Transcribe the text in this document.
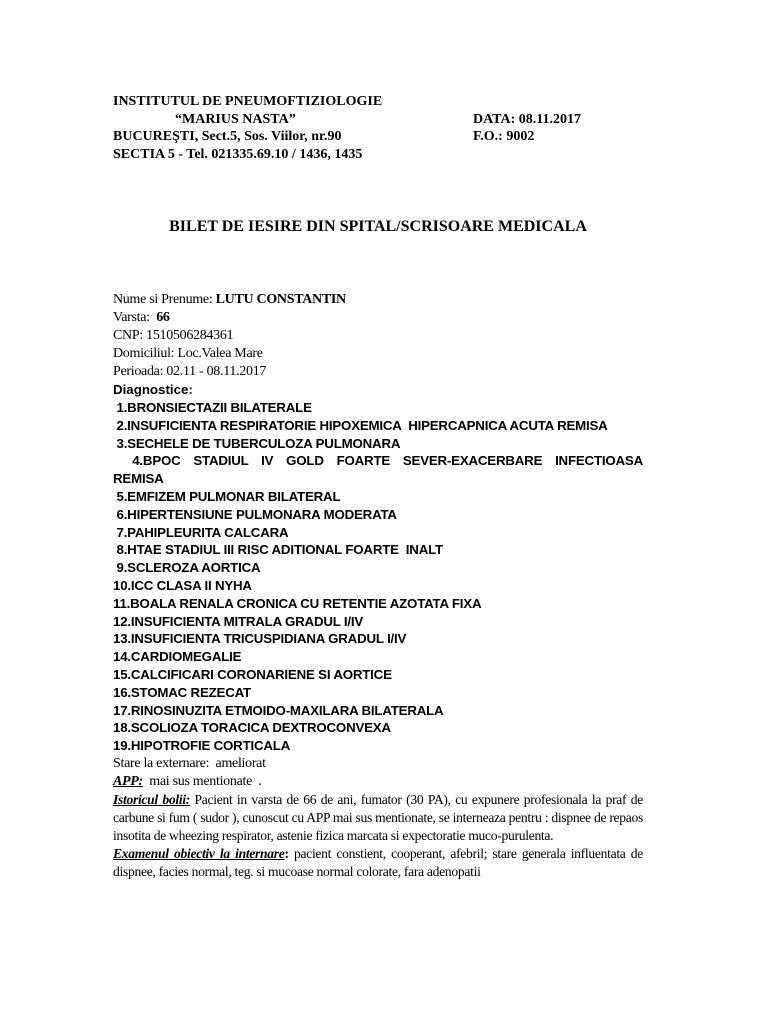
INSTITUTUL DE PNEUMOFTIZIOLOGIE
“MARIUS NASTA”
BUCUREŞTI, Sect.5, Sos. Viilor, nr.90
SECTIA 5 - Tel. 021335.69.10 / 1436, 1435

DATA: 08.11.2017
F.O.: 9002
BILET DE IESIRE DIN SPITAL/SCRISOARE MEDICALA
Nume si Prenume: LUTU CONSTANTIN
Varsta: 66
CNP: 1510506284361
Domiciliul: Loc.Valea Mare
Perioada: 02.11 - 08.11.2017
Diagnostice:
1.BRONSIECTAZII BILATERALE
2.INSUFICIENTA RESPIRATORIE HIPOXEMICA  HIPERCAPNICA ACUTA REMISA
3.SECHELE DE TUBERCULOZA PULMONARA
4.BPOC  STADIUL  IV  GOLD  FOARTE  SEVER-EXACERBARE  INFECTIOASA REMISA
5.EMFIZEM PULMONAR BILATERAL
6.HIPERTENSIUNE PULMONARA MODERATA
7.PAHIPLEURITA CALCARA
8.HTAE STADIUL III RISC ADITIONAL FOARTE  INALT
9.SCLEROZA AORTICA
10.ICC CLASA II NYHA
11.BOALA RENALA CRONICA CU RETENTIE AZOTATA FIXA
12.INSUFICIENTA MITRALA GRADUL I/IV
13.INSUFICIENTA TRICUSPIDIANA GRADUL I/IV
14.CARDIOMEGALIE
15.CALCIFICARI CORONARIENE SI AORTICE
16.STOMAC REZECAT
17.RINOSINUZITA ETMOIDO-MAXILARA BILATERALA
18.SCOLIOZA TORACICA DEXTROCONVEXA
19.HIPOTROFIE CORTICALA
Stare la externare:  ameliorat
APP:  mai sus mentionate  .
Istoricul bolii: Pacient in varsta de 66 de ani, fumator (30 PA), cu expunere profesionala la praf de carbune si fum ( sudor ), cunoscut cu APP mai sus mentionate, se interneaza pentru : dispnee de repaos insotita de wheezing respirator, astenie fizica marcata si expectoratie muco-purulenta.
Examenul obiectiv la internare: pacient constient, cooperant, afebril; stare generala influentata de dispnee, facies normal, teg. si mucoase normal colorate, fara adenopatii
